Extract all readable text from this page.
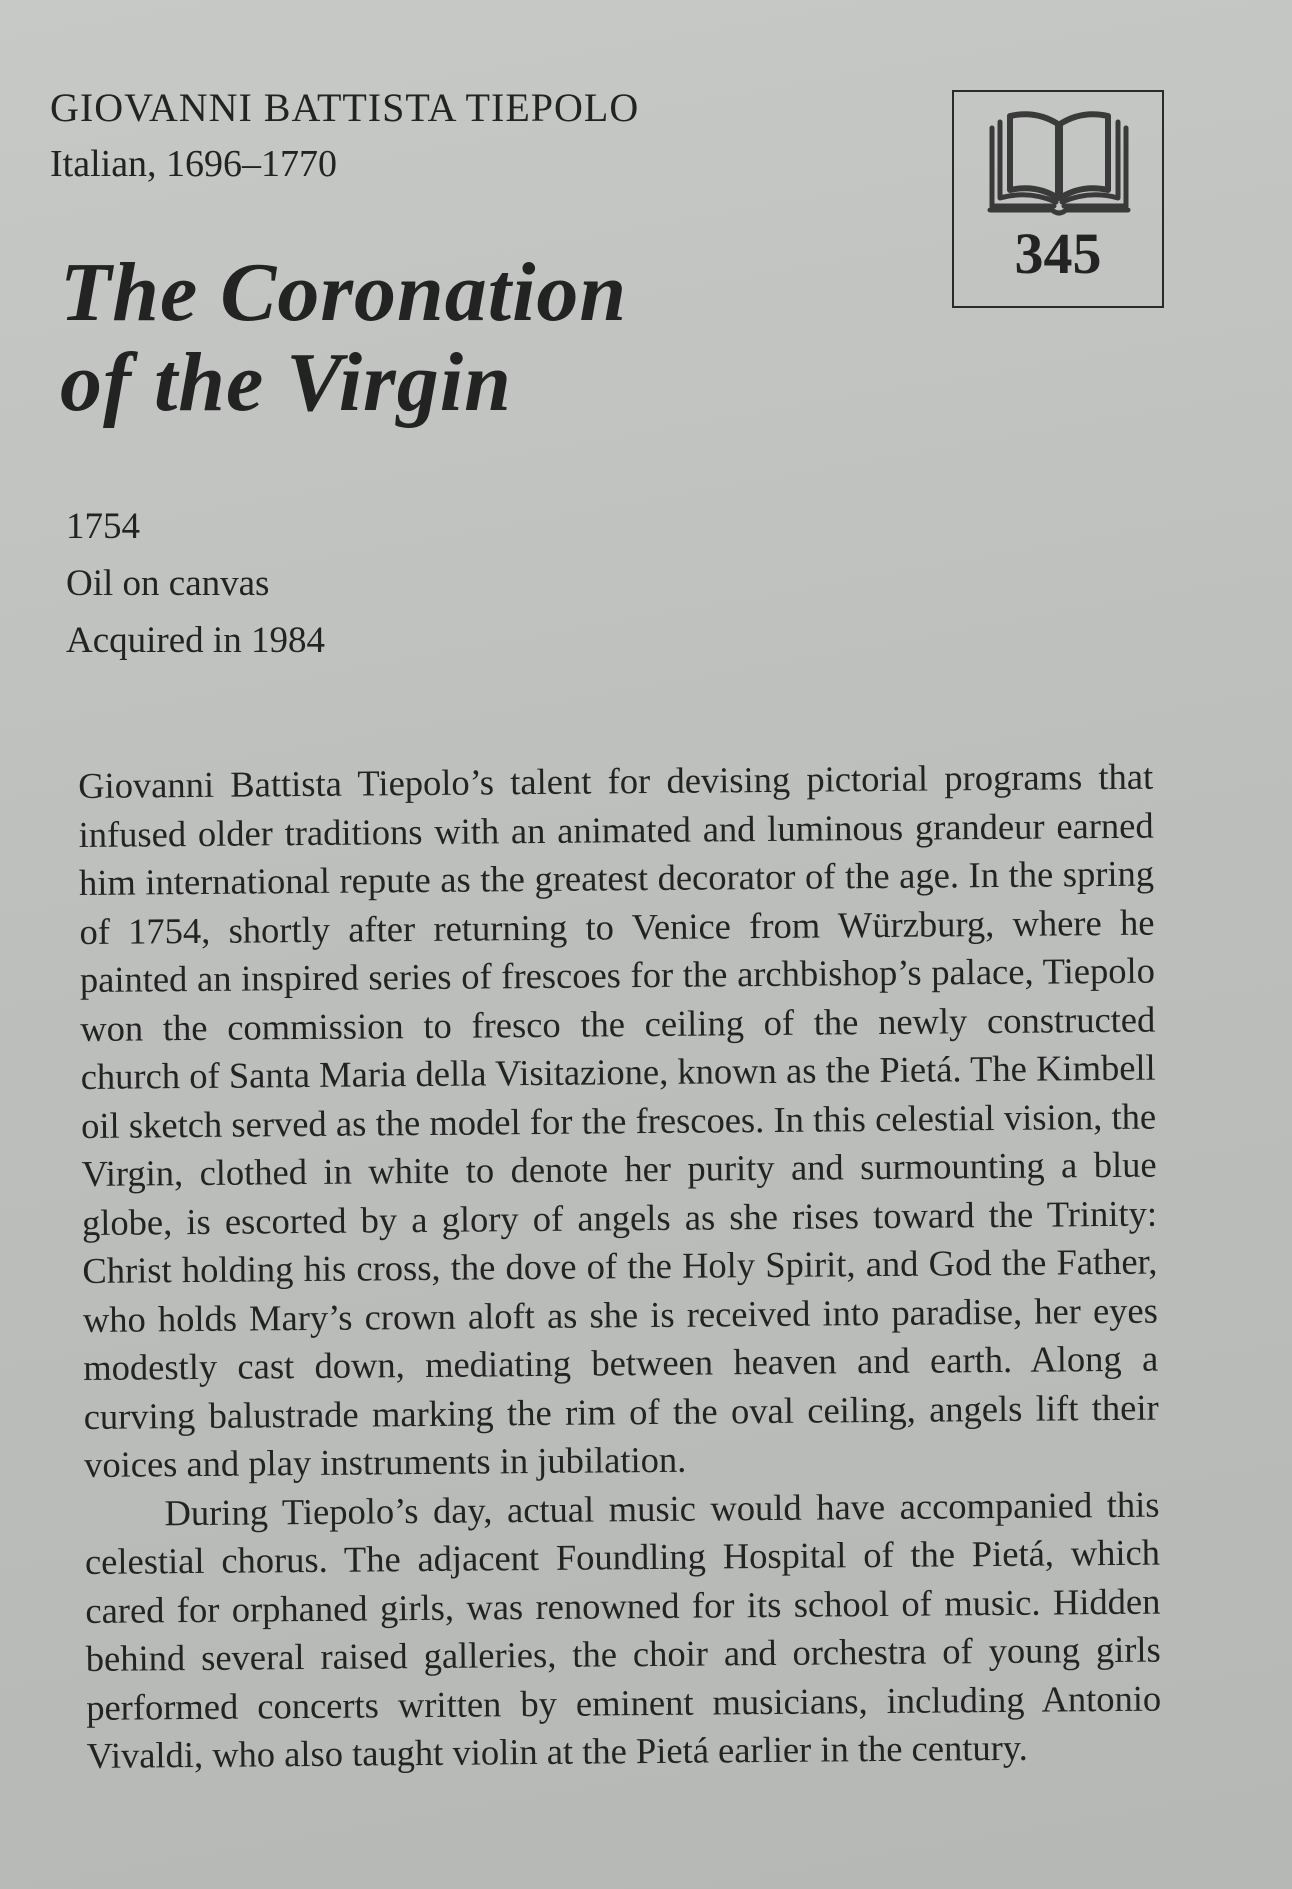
GIOVANNI BATTISTA TIEPOLO
Italian, 1696–1770
The Coronation
of the Virgin
345
1754
Oil on canvas
Acquired in 1984

Giovanni Battista Tiepolo’s talent for devising pictorial programs that infused older traditions with an animated and luminous grandeur earned him international repute as the greatest decorator of the age. In the spring of 1754, shortly after returning to Venice from Würzburg, where he painted an inspired series of frescoes for the archbishop’s palace, Tiepolo won the commission to fresco the ceiling of the newly constructed church of Santa Maria della Visitazione, known as the Pietá. The Kimbell oil sketch served as the model for the frescoes. In this celestial vision, the Virgin, clothed in white to denote her purity and surmounting a blue globe, is escorted by a glory of angels as she rises toward the Trinity: Christ holding his cross, the dove of the Holy Spirit, and God the Father, who holds Mary’s crown aloft as she is received into paradise, her eyes modestly cast down, mediating between heaven and earth. Along a curving balustrade marking the rim of the oval ceiling, angels lift their voices and play instruments in jubilation.

During Tiepolo’s day, actual music would have accompanied this celestial chorus. The adjacent Foundling Hospital of the Pietá, which cared for orphaned girls, was renowned for its school of music. Hidden behind several raised galleries, the choir and orchestra of young girls performed concerts written by eminent musicians, including Antonio Vivaldi, who also taught violin at the Pietá earlier in the century.
